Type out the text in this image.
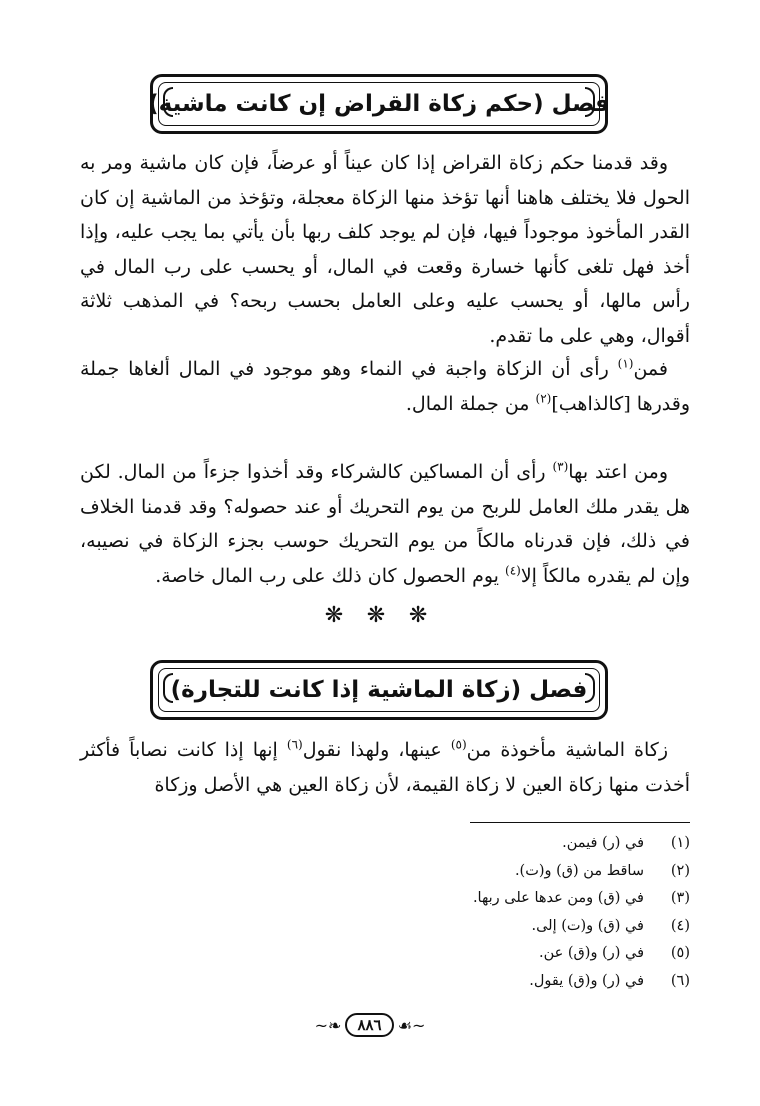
فصل (حكم زكاة القراض إن كانت ماشية)

وقد قدمنا حكم زكاة القراض إذا كان عيناً أو عرضاً، فإن كان ماشية ومر به الحول فلا يختلف هاهنا أنها تؤخذ منها الزكاة معجلة، وتؤخذ من الماشية إن كان القدر المأخوذ موجوداً فيها، فإن لم يوجد كلف ربها بأن يأتي بما يجب عليه، وإذا أخذ فهل تلغى كأنها خسارة وقعت في المال، أو يحسب على رب المال في رأس مالها، أو يحسب عليه وعلى العامل بحسب ربحه؟ في المذهب ثلاثة أقوال، وهي على ما تقدم.

فمن$^{(١)}$ رأى أن الزكاة واجبة في النماء وهو موجود في المال ألغاها جملة وقدرها [كالذاهب]$^{(٢)}$ من جملة المال.

ومن اعتد بها$^{(٣)}$ رأى أن المساكين كالشركاء وقد أخذوا جزءاً من المال. لكن هل يقدر ملك العامل للربح من يوم التحريك أو عند حصوله؟ وقد قدمنا الخلاف في ذلك، فإن قدرناه مالكاً من يوم التحريك حوسب بجزء الزكاة في نصيبه، وإن لم يقدره مالكاً إلا$^{(٤)}$ يوم الحصول كان ذلك على رب المال خاصة.

❋ ❋ ❋
فصل (زكاة الماشية إذا كانت للتجارة)

زكاة الماشية مأخوذة من$^{(٥)}$ عينها، ولهذا نقول$^{(٦)}$ إنها إذا كانت نصاباً فأكثر أخذت منها زكاة العين لا زكاة القيمة، لأن زكاة العين هي الأصل وزكاة

(١)
في (ر) فيمن.
(٢)
ساقط من (ق) و(ت).
(٣)
في (ق) ومن عدها على ربها.
(٤)
في (ق) و(ت) إلى.
(٥)
في (ر) و(ق) عن.
(٦)
في (ر) و(ق) يقول.
~❧	٨٨٦	☙~
